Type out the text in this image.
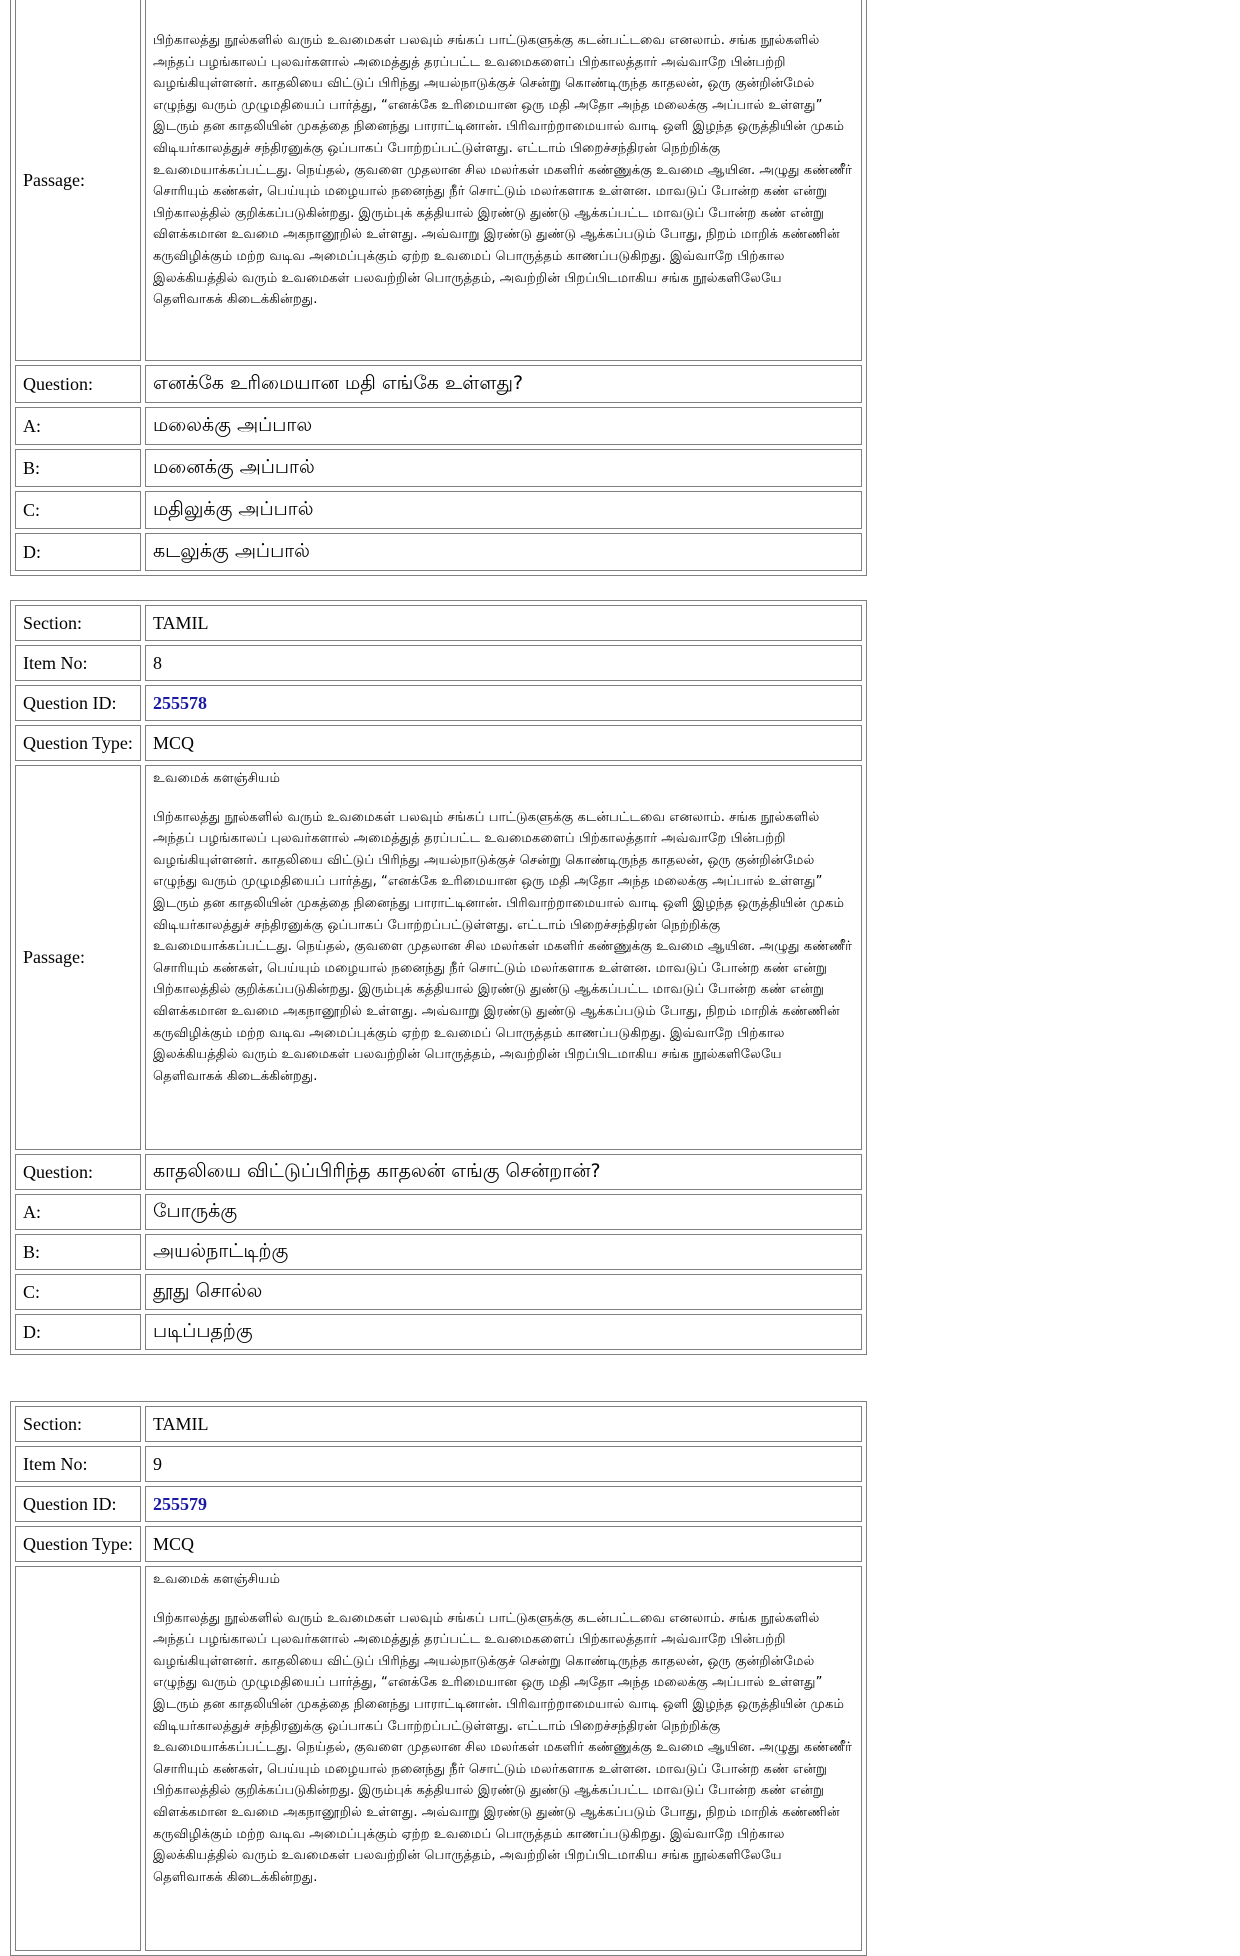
Passage:	பிற்காலத்து நூல்களில் வரும் உவமைகள் பலவும் சங்கப் பாட்டுகளுக்கு கடன்பட்டவை எனலாம். சங்க நூல்களில் அந்தப் பழங்காலப் புலவர்களால் அமைத்துத் தரப்பட்ட உவமைகளைப் பிற்காலத்தார் அவ்வாறே பின்பற்றி வழங்கியுள்ளனர். காதலியை விட்டுப் பிரிந்து அயல்நாடுக்குச் சென்று கொண்டிருந்த காதலன், ஒரு குன்றின்மேல் எழுந்து வரும் முழுமதியைப் பார்த்து, “எனக்கே உரிமையான ஒரு மதி அதோ அந்த மலைக்கு அப்பால் உள்ளது” இடரும் தன காதலியின் முகத்தை நினைந்து பாராட்டினான். பிரிவாற்றாமையால் வாடி ஒளி இழந்த ஒருத்தியின் முகம் விடியர்காலத்துச் சந்திரனுக்கு ஒப்பாகப் போற்றப்பட்டுள்ளது. எட்டாம் பிறைச்சந்திரன் நெற்றிக்கு உவமையாக்கப்பட்டது. நெய்தல், குவளை முதலான சில மலர்கள் மகளிர் கண்ணுக்கு உவமை ஆயின. அழுது கண்ணீர் சொரியும் கண்கள், பெய்யும் மழையால் நனைந்து நீர் சொட்டும் மலர்களாக உள்ளன. மாவடுப் போன்ற கண் என்று பிற்காலத்தில் குறிக்கப்படுகின்றது. இரும்புக் கத்தியால் இரண்டு துண்டு ஆக்கப்பட்ட மாவடுப் போன்ற கண் என்று விளக்கமான உவமை அகநானூறில் உள்ளது. அவ்வாறு இரண்டு துண்டு ஆக்கப்படும் போது, நிறம் மாறிக் கண்ணின் கருவிழிக்கும் மற்ற வடிவ அமைப்புக்கும் ஏற்ற உவமைப் பொருத்தம் காணப்படுகிறது. இவ்வாறே பிற்கால இலக்கியத்தில் வரும் உவமைகள் பலவற்றின் பொருத்தம், அவற்றின் பிறப்பிடமாகிய சங்க நூல்களிலேயே தெளிவாகக் கிடைக்கின்றது.

Question:	எனக்கே உரிமையான மதி எங்கே உள்ளது?
A:	மலைக்கு அப்பால
B:	மனைக்கு அப்பால்
C:	மதிலுக்கு அப்பால்
D:	கடலுக்கு அப்பால்
Section:	TAMIL
Item No:	8
Question ID:	255578
Question Type:	MCQ
Passage:	உவமைக் களஞ்சியம்
பிற்காலத்து நூல்களில் வரும் உவமைகள் பலவும் சங்கப் பாட்டுகளுக்கு கடன்பட்டவை எனலாம். சங்க நூல்களில் அந்தப் பழங்காலப் புலவர்களால் அமைத்துத் தரப்பட்ட உவமைகளைப் பிற்காலத்தார் அவ்வாறே பின்பற்றி வழங்கியுள்ளனர். காதலியை விட்டுப் பிரிந்து அயல்நாடுக்குச் சென்று கொண்டிருந்த காதலன், ஒரு குன்றின்மேல் எழுந்து வரும் முழுமதியைப் பார்த்து, “எனக்கே உரிமையான ஒரு மதி அதோ அந்த மலைக்கு அப்பால் உள்ளது” இடரும் தன காதலியின் முகத்தை நினைந்து பாராட்டினான். பிரிவாற்றாமையால் வாடி ஒளி இழந்த ஒருத்தியின் முகம் விடியர்காலத்துச் சந்திரனுக்கு ஒப்பாகப் போற்றப்பட்டுள்ளது. எட்டாம் பிறைச்சந்திரன் நெற்றிக்கு உவமையாக்கப்பட்டது. நெய்தல், குவளை முதலான சில மலர்கள் மகளிர் கண்ணுக்கு உவமை ஆயின. அழுது கண்ணீர் சொரியும் கண்கள், பெய்யும் மழையால் நனைந்து நீர் சொட்டும் மலர்களாக உள்ளன. மாவடுப் போன்ற கண் என்று பிற்காலத்தில் குறிக்கப்படுகின்றது. இரும்புக் கத்தியால் இரண்டு துண்டு ஆக்கப்பட்ட மாவடுப் போன்ற கண் என்று விளக்கமான உவமை அகநானூறில் உள்ளது. அவ்வாறு இரண்டு துண்டு ஆக்கப்படும் போது, நிறம் மாறிக் கண்ணின் கருவிழிக்கும் மற்ற வடிவ அமைப்புக்கும் ஏற்ற உவமைப் பொருத்தம் காணப்படுகிறது. இவ்வாறே பிற்கால இலக்கியத்தில் வரும் உவமைகள் பலவற்றின் பொருத்தம், அவற்றின் பிறப்பிடமாகிய சங்க நூல்களிலேயே தெளிவாகக் கிடைக்கின்றது.

Question:	காதலியை விட்டுப்பிரிந்த காதலன் எங்கு சென்றான்?
A:	போருக்கு
B:	அயல்நாட்டிற்கு
C:	தூது சொல்ல
D:	படிப்பதற்கு
Section:	TAMIL
Item No:	9
Question ID:	255579
Question Type:	MCQ

	உவமைக் களஞ்சியம்
பிற்காலத்து நூல்களில் வரும் உவமைகள் பலவும் சங்கப் பாட்டுகளுக்கு கடன்பட்டவை எனலாம். சங்க நூல்களில் அந்தப் பழங்காலப் புலவர்களால் அமைத்துத் தரப்பட்ட உவமைகளைப் பிற்காலத்தார் அவ்வாறே பின்பற்றி வழங்கியுள்ளனர். காதலியை விட்டுப் பிரிந்து அயல்நாடுக்குச் சென்று கொண்டிருந்த காதலன், ஒரு குன்றின்மேல் எழுந்து வரும் முழுமதியைப் பார்த்து, “எனக்கே உரிமையான ஒரு மதி அதோ அந்த மலைக்கு அப்பால் உள்ளது” இடரும் தன காதலியின் முகத்தை நினைந்து பாராட்டினான். பிரிவாற்றாமையால் வாடி ஒளி இழந்த ஒருத்தியின் முகம் விடியர்காலத்துச் சந்திரனுக்கு ஒப்பாகப் போற்றப்பட்டுள்ளது. எட்டாம் பிறைச்சந்திரன் நெற்றிக்கு உவமையாக்கப்பட்டது. நெய்தல், குவளை முதலான சில மலர்கள் மகளிர் கண்ணுக்கு உவமை ஆயின. அழுது கண்ணீர் சொரியும் கண்கள், பெய்யும் மழையால் நனைந்து நீர் சொட்டும் மலர்களாக உள்ளன. மாவடுப் போன்ற கண் என்று பிற்காலத்தில் குறிக்கப்படுகின்றது. இரும்புக் கத்தியால் இரண்டு துண்டு ஆக்கப்பட்ட மாவடுப் போன்ற கண் என்று விளக்கமான உவமை அகநானூறில் உள்ளது. அவ்வாறு இரண்டு துண்டு ஆக்கப்படும் போது, நிறம் மாறிக் கண்ணின் கருவிழிக்கும் மற்ற வடிவ அமைப்புக்கும் ஏற்ற உவமைப் பொருத்தம் காணப்படுகிறது. இவ்வாறே பிற்கால இலக்கியத்தில் வரும் உவமைகள் பலவற்றின் பொருத்தம், அவற்றின் பிறப்பிடமாகிய சங்க நூல்களிலேயே தெளிவாகக் கிடைக்கின்றது.
